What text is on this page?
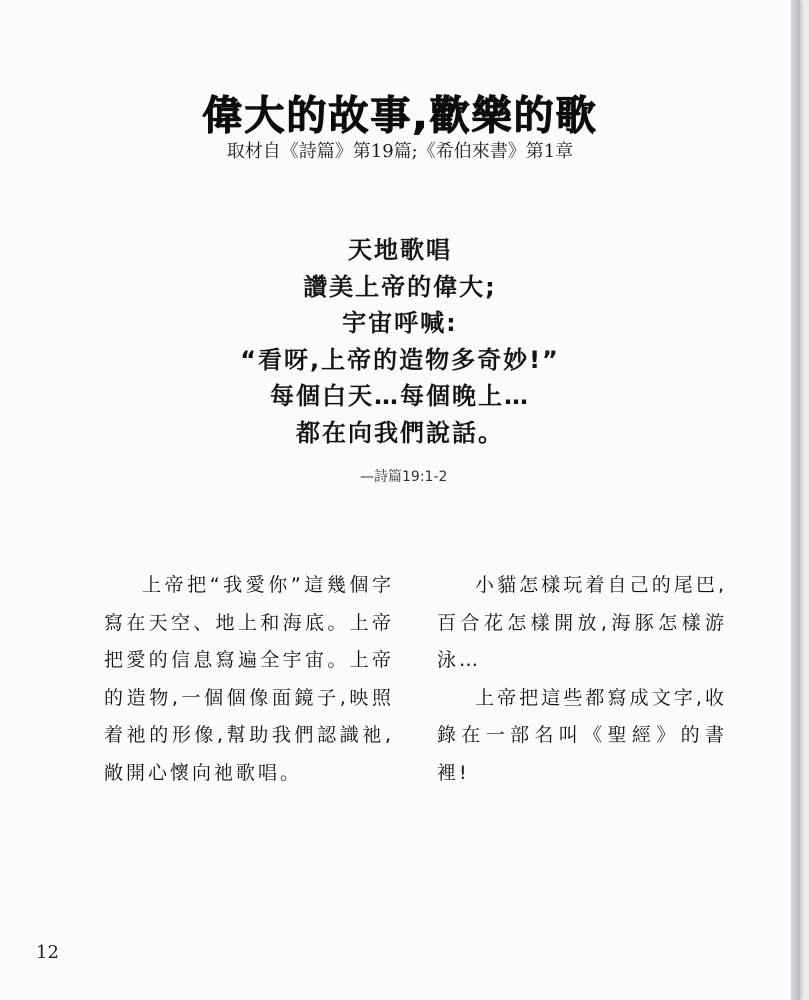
偉大的故事,歡樂的歌
取材自《詩篇》第19篇;《希伯來書》第1章
天地歌唱
讚美上帝的偉大;
宇宙呼喊:
“看呀,上帝的造物多奇妙!”
每個白天…每個晚上…
都在向我們說話。
—詩篇19:1-2

上帝把“我愛你”這幾個字寫在天空、地上和海底。上帝把愛的信息寫遍全宇宙。上帝的造物,一個個像面鏡子,映照着祂的形像,幫助我們認識祂,敞開心懷向祂歌唱。

小貓怎樣玩着自己的尾巴,百合花怎樣開放,海豚怎樣游泳…

上帝把這些都寫成文字,收錄在一部名叫《聖經》的書裡!

12
